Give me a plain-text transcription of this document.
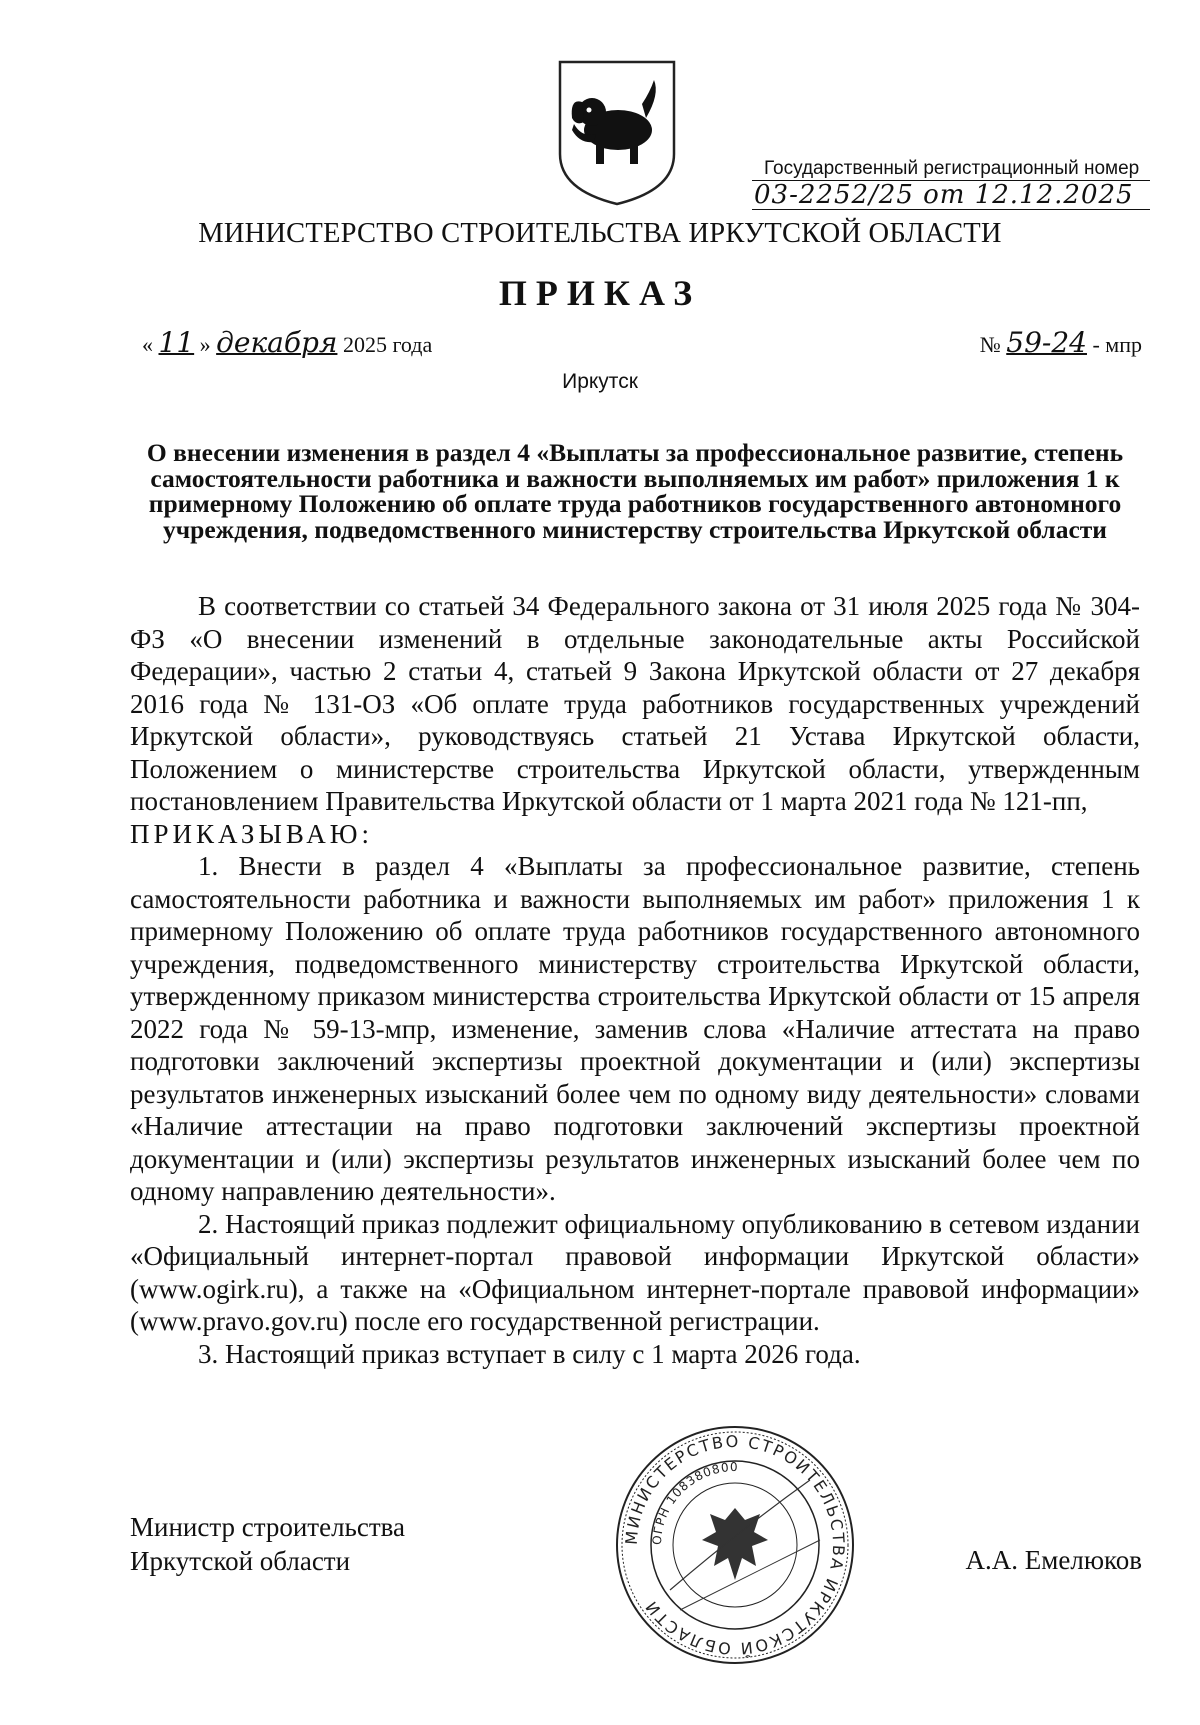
Государственный регистрационный номер
03-2252/25 от 12.12.2025
МИНИСТЕРСТВО СТРОИТЕЛЬСТВА ИРКУТСКОЙ ОБЛАСТИ
ПРИКАЗ
« 11 » декабря 2025 года	№ 59-24 - мпр
Иркутск
О внесении изменения в раздел 4 «Выплаты за профессиональное развитие, степень самостоятельности работника и важности выполняемых им работ» приложения 1 к примерному Положению об оплате труда работников государственного автономного учреждения, подведомственного министерству строительства Иркутской области

В соответствии со статьей 34 Федерального закона от 31 июля 2025 года № 304-ФЗ «О внесении изменений в отдельные законодательные акты Российской Федерации», частью 2 статьи 4, статьей 9 Закона Иркутской области от 27 декабря 2016 года № 131-ОЗ «Об оплате труда работников государственных учреждений Иркутской области», руководствуясь статьей 21 Устава Иркутской области, Положением о министерстве строительства Иркутской области, утвержденным постановлением Правительства Иркутской области от 1 марта 2021 года № 121-пп,

ПРИКАЗЫВАЮ:

1. Внести в раздел 4 «Выплаты за профессиональное развитие, степень самостоятельности работника и важности выполняемых им работ» приложения 1 к примерному Положению об оплате труда работников государственного автономного учреждения, подведомственного министерству строительства Иркутской области, утвержденному приказом министерства строительства Иркутской области от 15 апреля 2022 года № 59-13-мпр, изменение, заменив слова «Наличие аттестата на право подготовки заключений экспертизы проектной документации и (или) экспертизы результатов инженерных изысканий более чем по одному виду деятельности» словами «Наличие аттестации на право подготовки заключений экспертизы проектной документации и (или) экспертизы результатов инженерных изысканий более чем по одному направлению деятельности».

2. Настоящий приказ подлежит официальному опубликованию в сетевом издании «Официальный интернет-портал правовой информации Иркутской области» (www.ogirk.ru), а также на «Официальном интернет-портале правовой информации» (www.pravo.gov.ru) после его государственной регистрации.

3. Настоящий приказ вступает в силу с 1 марта 2026 года.

Министр строительства
Иркутской области	А.А. Емелюков
МИНИСТЕРСТВО СТРОИТЕЛЬСТВА ИРКУТСКОЙ ОБЛАСТИ
ОГРН 108380800
